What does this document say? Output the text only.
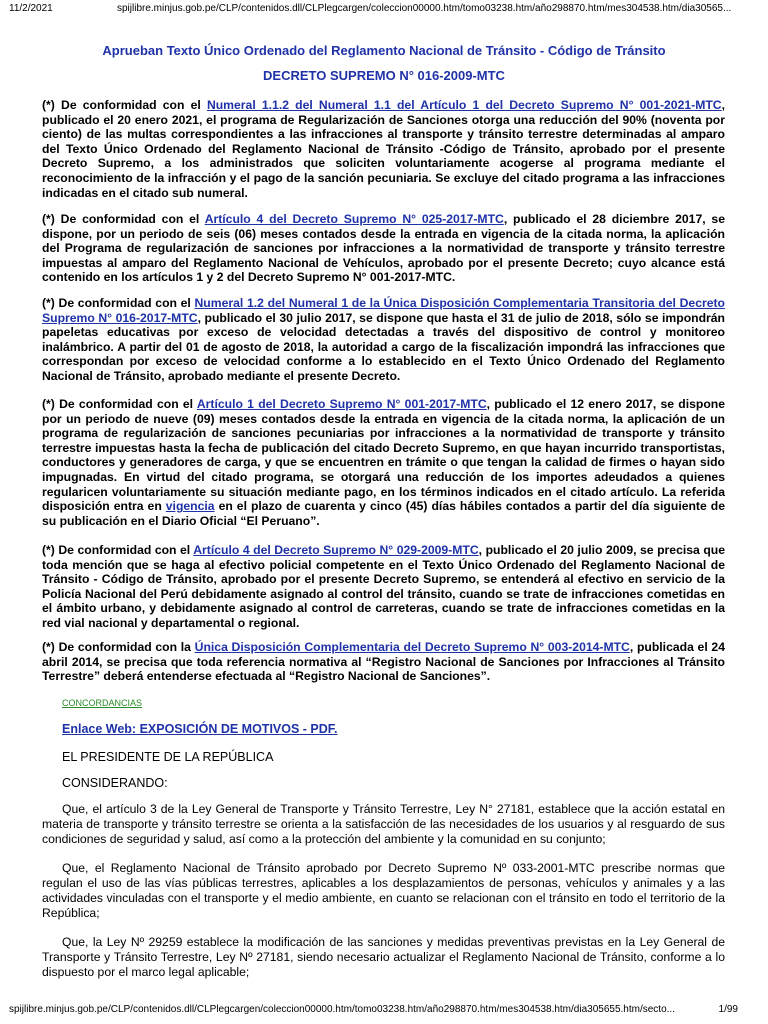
11/2/2021	spijlibre.minjus.gob.pe/CLP/contenidos.dll/CLPlegcargen/coleccion00000.htm/tomo03238.htm/año298870.htm/mes304538.htm/dia30565...
Aprueban Texto Único Ordenado del Reglamento Nacional de Tránsito - Código de Tránsito
DECRETO SUPREMO N° 016-2009-MTC
(*) De conformidad con el Numeral 1.1.2 del Numeral 1.1 del Artículo 1 del Decreto Supremo N° 001-2021-MTC, publicado el 20 enero 2021, el programa de Regularización de Sanciones otorga una reducción del 90% (noventa por ciento) de las multas correspondientes a las infracciones al transporte y tránsito terrestre determinadas al amparo del Texto Único Ordenado del Reglamento Nacional de Tránsito -Código de Tránsito, aprobado por el presente Decreto Supremo, a los administrados que soliciten voluntariamente acogerse al programa mediante el reconocimiento de la infracción y el pago de la sanción pecuniaria. Se excluye del citado programa a las infracciones indicadas en el citado sub numeral.
(*) De conformidad con el Artículo 4 del Decreto Supremo N° 025-2017-MTC, publicado el 28 diciembre 2017, se dispone, por un periodo de seis (06) meses contados desde la entrada en vigencia de la citada norma, la aplicación del Programa de regularización de sanciones por infracciones a la normatividad de transporte y tránsito terrestre impuestas al amparo del Reglamento Nacional de Vehículos, aprobado por el presente Decreto; cuyo alcance está contenido en los artículos 1 y 2 del Decreto Supremo N° 001-2017-MTC.
(*) De conformidad con el Numeral 1.2 del Numeral 1 de la Única Disposición Complementaria Transitoria del Decreto Supremo N° 016-2017-MTC, publicado el 30 julio 2017, se dispone que hasta el 31 de julio de 2018, sólo se impondrán papeletas educativas por exceso de velocidad detectadas a través del dispositivo de control y monitoreo inalámbrico. A partir del 01 de agosto de 2018, la autoridad a cargo de la fiscalización impondrá las infracciones que correspondan por exceso de velocidad conforme a lo establecido en el Texto Único Ordenado del Reglamento Nacional de Tránsito, aprobado mediante el presente Decreto.
(*) De conformidad con el Artículo 1 del Decreto Supremo N° 001-2017-MTC, publicado el 12 enero 2017, se dispone por un periodo de nueve (09) meses contados desde la entrada en vigencia de la citada norma, la aplicación de un programa de regularización de sanciones pecuniarias por infracciones a la normatividad de transporte y tránsito terrestre impuestas hasta la fecha de publicación del citado Decreto Supremo, en que hayan incurrido transportistas, conductores y generadores de carga, y que se encuentren en trámite o que tengan la calidad de firmes o hayan sido impugnadas. En virtud del citado programa, se otorgará una reducción de los importes adeudados a quienes regularicen voluntariamente su situación mediante pago, en los términos indicados en el citado artículo. La referida disposición entra en vigencia en el plazo de cuarenta y cinco (45) días hábiles contados a partir del día siguiente de su publicación en el Diario Oficial “El Peruano”.
(*) De conformidad con el Artículo 4 del Decreto Supremo N° 029-2009-MTC, publicado el 20 julio 2009, se precisa que toda mención que se haga al efectivo policial competente en el Texto Único Ordenado del Reglamento Nacional de Tránsito - Código de Tránsito, aprobado por el presente Decreto Supremo, se entenderá al efectivo en servicio de la Policía Nacional del Perú debidamente asignado al control del tránsito, cuando se trate de infracciones cometidas en el ámbito urbano, y debidamente asignado al control de carreteras, cuando se trate de infracciones cometidas en la red vial nacional y departamental o regional.
(*) De conformidad con la Única Disposición Complementaria del Decreto Supremo N° 003-2014-MTC, publicada el 24 abril 2014, se precisa que toda referencia normativa al “Registro Nacional de Sanciones por Infracciones al Tránsito Terrestre” deberá entenderse efectuada al “Registro Nacional de Sanciones”.
CONCORDANCIAS
Enlace Web: EXPOSICIÓN DE MOTIVOS - PDF.
EL PRESIDENTE DE LA REPÚBLICA
CONSIDERANDO:
Que, el artículo 3 de la Ley General de Transporte y Tránsito Terrestre, Ley N° 27181, establece que la acción estatal en materia de transporte y tránsito terrestre se orienta a la satisfacción de las necesidades de los usuarios y al resguardo de sus condiciones de seguridad y salud, así como a la protección del ambiente y la comunidad en su conjunto;
Que, el Reglamento Nacional de Tránsito aprobado por Decreto Supremo Nº 033-2001-MTC prescribe normas que regulan el uso de las vías públicas terrestres, aplicables a los desplazamientos de personas, vehículos y animales y a las actividades vinculadas con el transporte y el medio ambiente, en cuanto se relacionan con el tránsito en todo el territorio de la República;
Que, la Ley Nº 29259 establece la modificación de las sanciones y medidas preventivas previstas en la Ley General de Transporte y Tránsito Terrestre, Ley Nº 27181, siendo necesario actualizar el Reglamento Nacional de Tránsito, conforme a lo dispuesto por el marco legal aplicable;
spijlibre.minjus.gob.pe/CLP/contenidos.dll/CLPlegcargen/coleccion00000.htm/tomo03238.htm/año298870.htm/mes304538.htm/dia305655.htm/secto...	1/99
